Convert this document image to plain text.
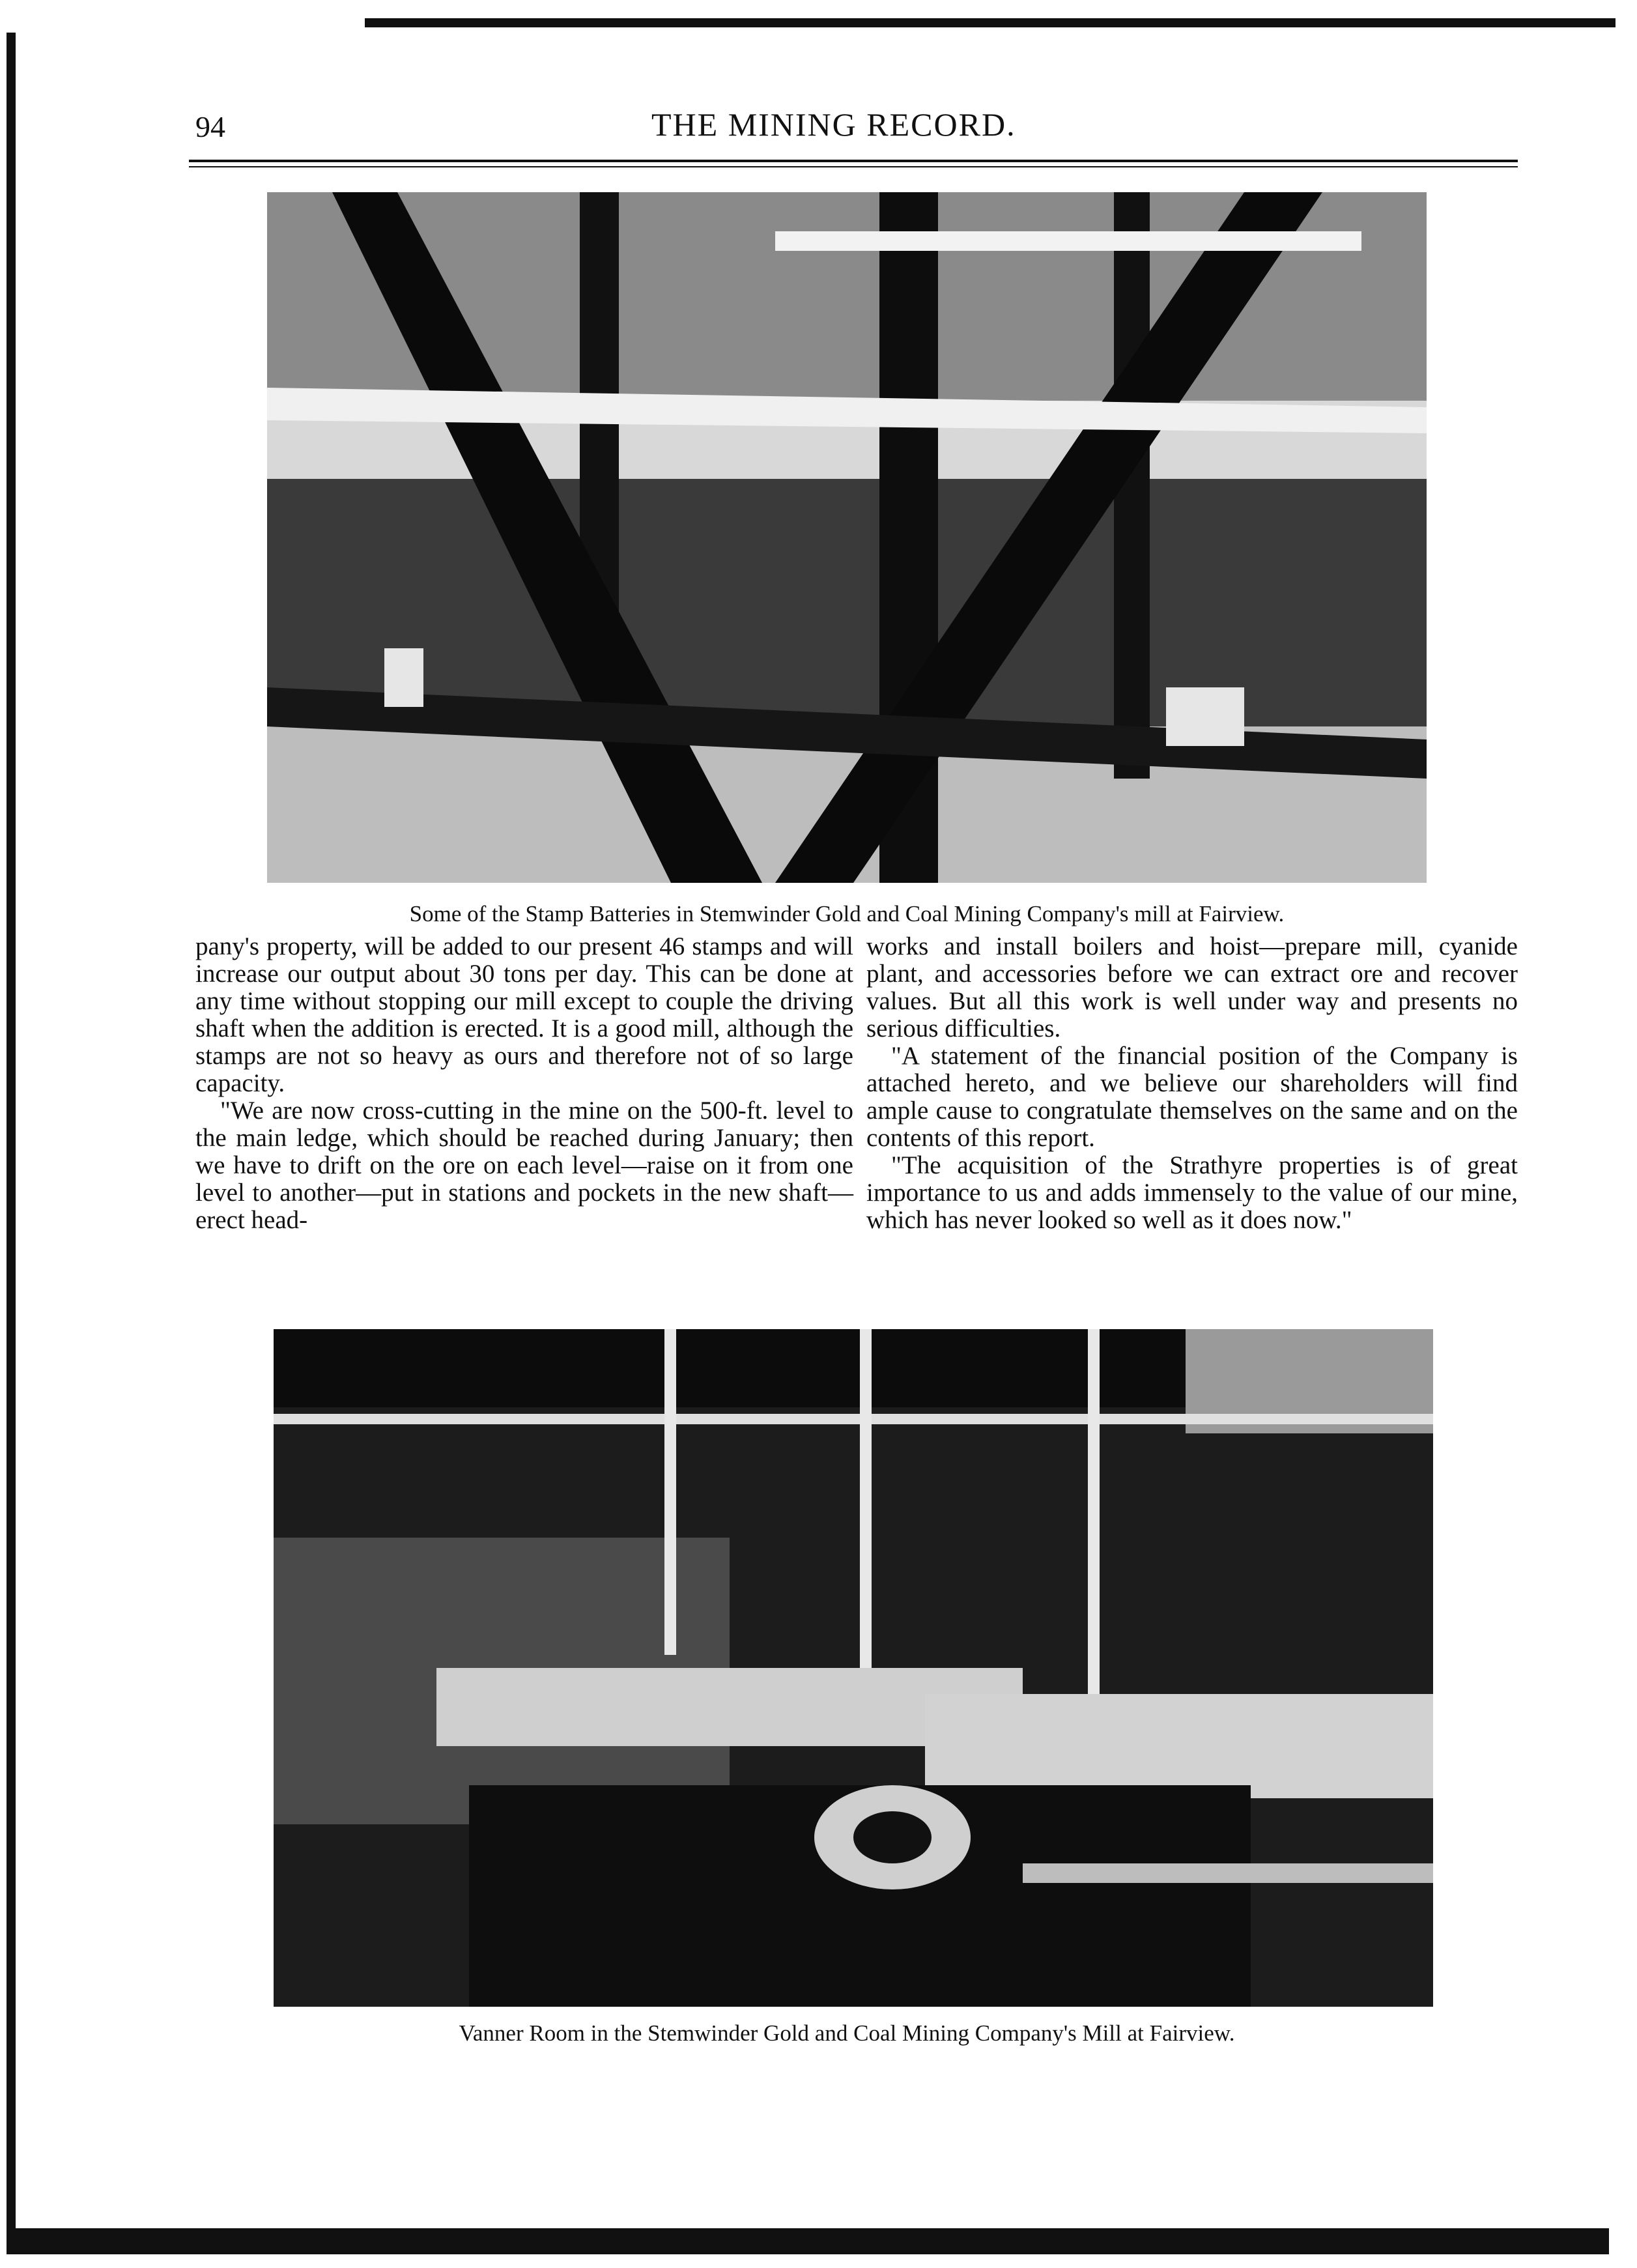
94	THE MINING RECORD.
Some of the Stamp Batteries in Stemwinder Gold and Coal Mining Company's mill at Fairview.

pany's property, will be added to our present 46 stamps and will increase our output about 30 tons per day. This can be done at any time without stopping our mill except to couple the driving shaft when the addition is erected. It is a good mill, although the stamps are not so heavy as ours and therefore not of so large capacity.

"We are now cross-cutting in the mine on the 500-ft. level to the main ledge, which should be reached during January; then we have to drift on the ore on each level—raise on it from one level to another—put in stations and pockets in the new shaft—erect head-

works and install boilers and hoist—prepare mill, cyanide plant, and accessories before we can extract ore and recover values. But all this work is well under way and presents no serious difficulties.

"A statement of the financial position of the Company is attached hereto, and we believe our shareholders will find ample cause to congratulate themselves on the same and on the contents of this report.

"The acquisition of the Strathyre properties is of great importance to us and adds immensely to the value of our mine, which has never looked so well as it does now."

Vanner Room in the Stemwinder Gold and Coal Mining Company's Mill at Fairview.
